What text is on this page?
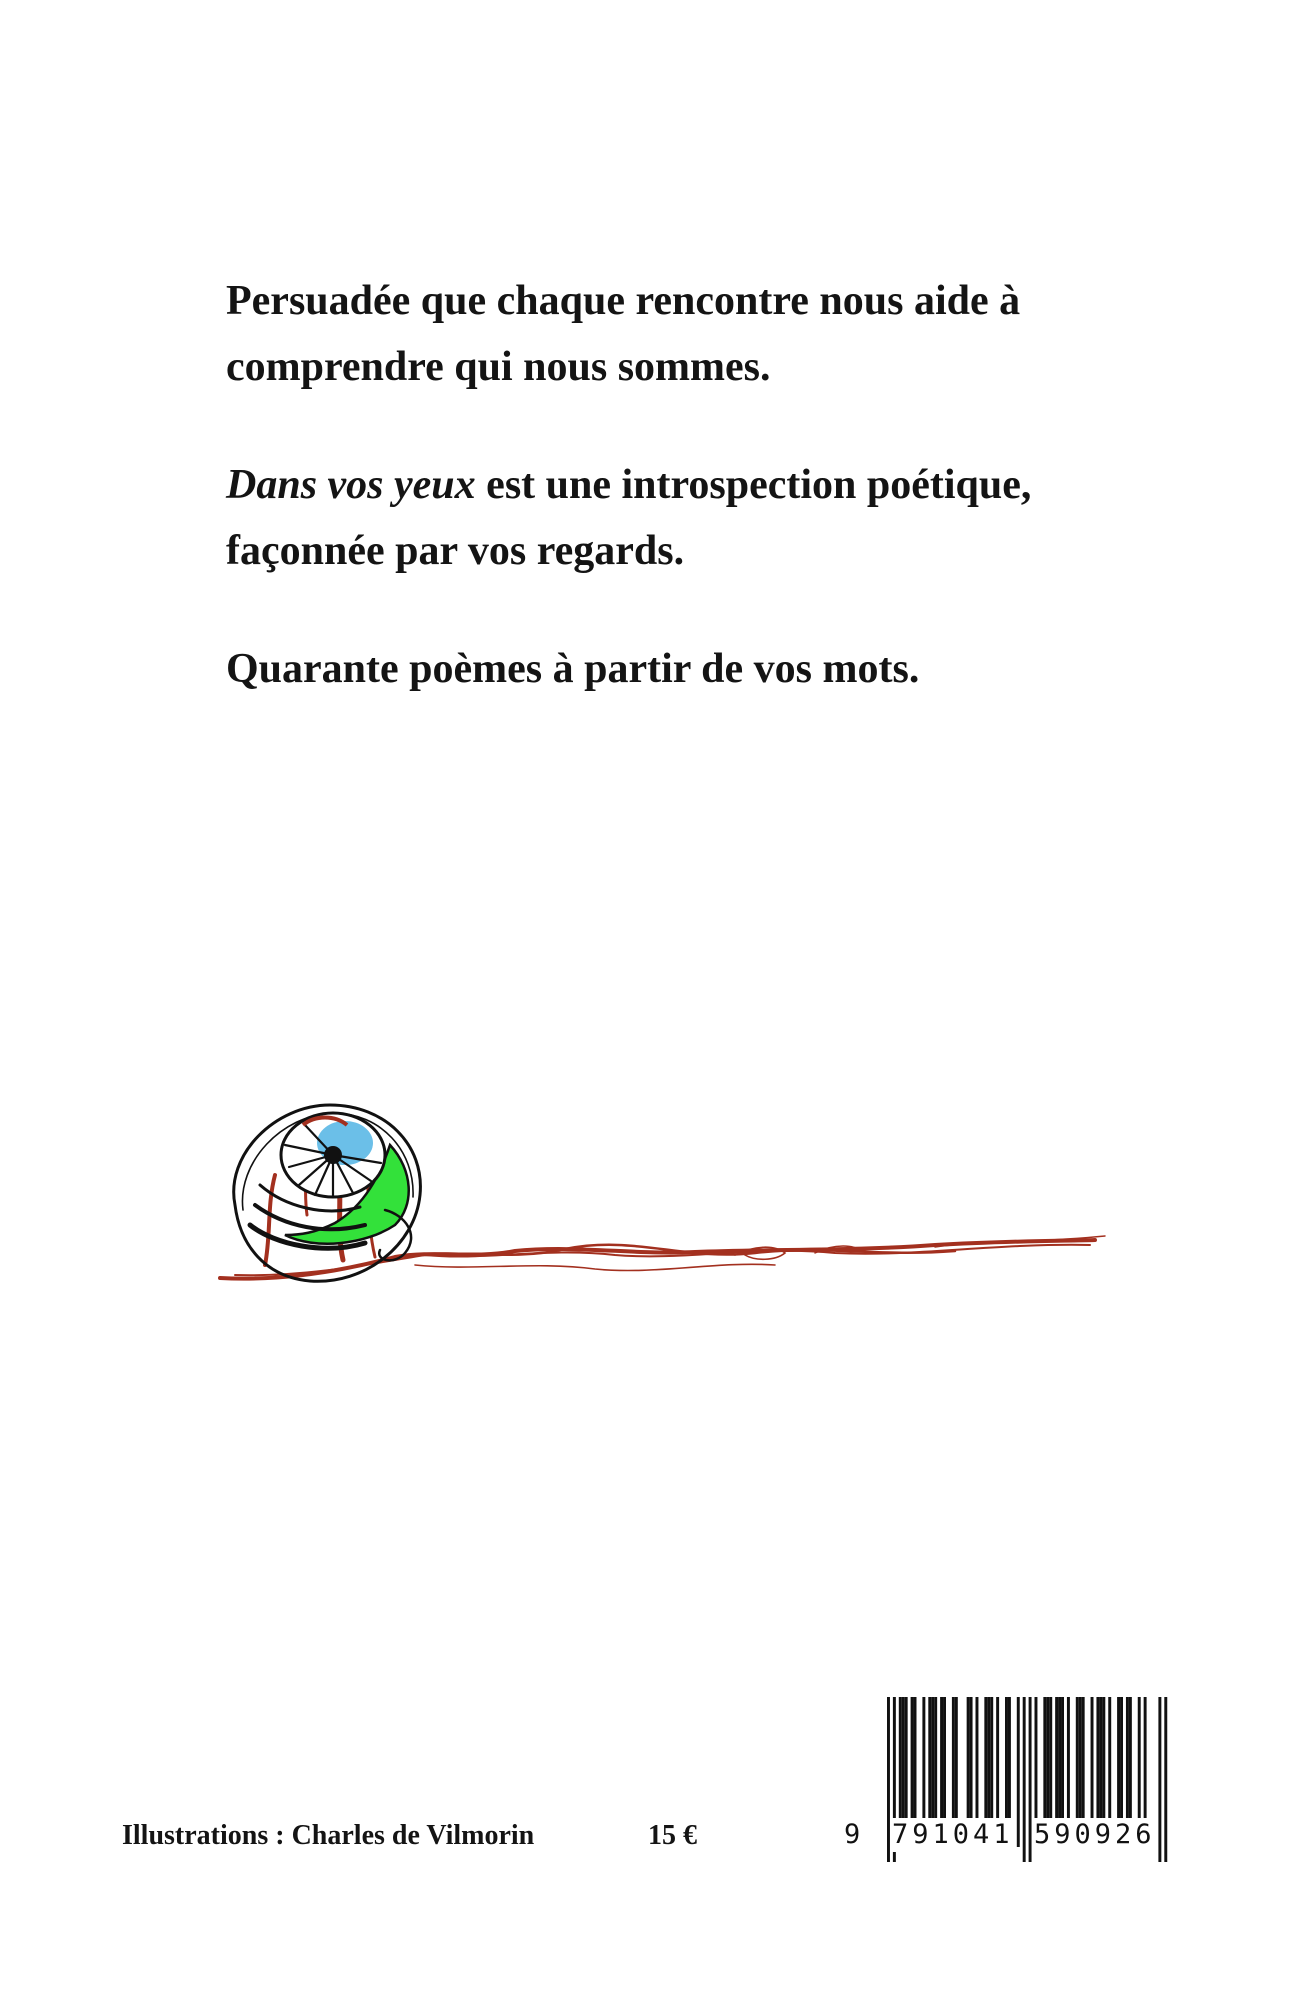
Persuadée que chaque rencontre nous aide à comprendre qui nous sommes.

Dans vos yeux est une introspection poétique, façonnée par vos regards.

Quarante poèmes à partir de vos mots.

Illustrations : Charles de Vilmorin	15 €	9 791041 590926
